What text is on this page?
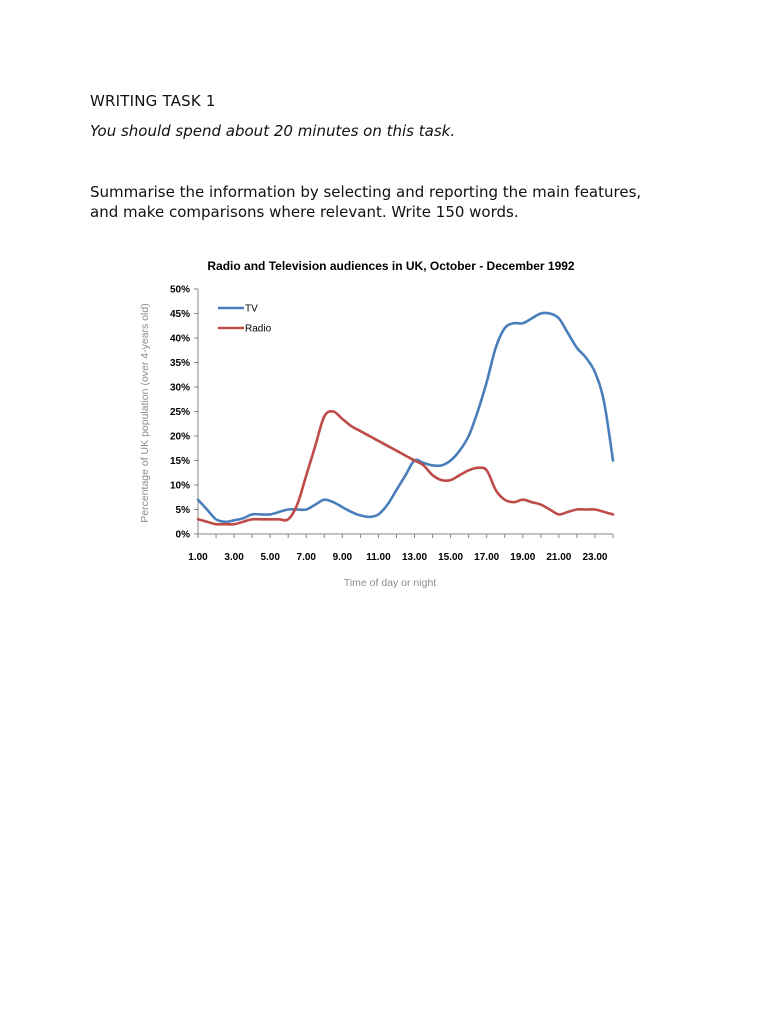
WRITING TASK 1
You should spend about 20 minutes on this task.
Summarise the information by selecting and reporting the main features,
and make comparisons where relevant. Write 150 words.
Radio and Television audiences in UK, October - December 1992
0%
5%
10%
15%
20%
25%
30%
35%
40%
45%
50%
1.00 3.00 5.00 7.00 9.00 11.00 13.00 15.00 17.00 19.00 21.00 23.00
TV
Radio
Time of day or night
Percentage of UK population (over 4-years old)
